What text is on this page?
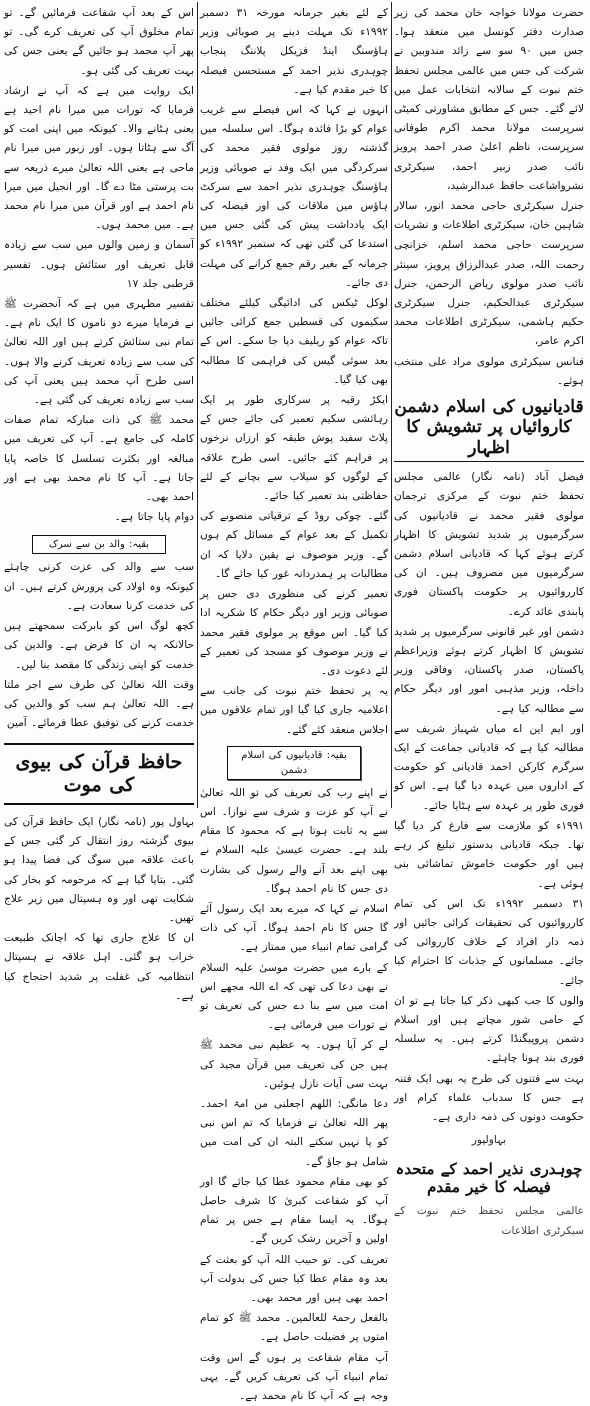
حضرت مولانا خواجہ خان محمد کی زیر صدارت دفتر کونسل میں منعقد ہوا۔ جس میں ۹۰ سو سے زائد مندوبین نے شرکت کی جس میں عالمی مجلس تحفظ ختم نبوت کے سالانہ انتخابات عمل میں لائے گئے۔ جس کے مطابق مشاورتی کمیٹی سرپرست مولانا محمد اکرم طوفانی سرپرست، ناظم اعلیٰ صدر احمد پرویز نائب صدر زبیر احمد، سیکرٹری نشرواشاعت حافظ عبدالرشید،

جنرل سیکرٹری حاجی محمد انور، سالار شاہین خان، سیکرٹری اطلاعات و نشریات

سرپرست حاجی محمد اسلم، خزانچی رحمت اللہ، صدر عبدالرزاق پرویز، سینئر نائب صدر مولوی ریاض الرحمن، جنرل سیکرٹری عبدالحکیم، جنرل سیکرٹری حکیم ہاشمی، سیکرٹری اطلاعات محمد اکرم عامر،

فنانس سیکرٹری مولوی مراد علی منتخب ہوئے۔

قادیانیوں کی اسلام دشمن کاروائیاں پر تشویش کا اظہار

فیصل آباد (نامہ نگار) عالمی مجلس تحفظ ختم نبوت کے مرکزی ترجمان مولوی فقیر محمد نے قادیانیوں کی سرگرمیوں پر شدید تشویش کا اظہار کرتے ہوئے کہا کہ قادیانی اسلام دشمن سرگرمیوں میں مصروف ہیں۔ ان کی کارروائیوں پر حکومت پاکستان فوری پابندی عائد کرے۔

دشمن اور غیر قانونی سرگرمیوں پر شدید تشویش کا اظہار کرتے ہوئے وزیراعظم پاکستان، صدر پاکستان، وفاقی وزیر داخلہ، وزیر مذہبی امور اور دیگر حکام سے مطالبہ کیا ہے۔

اور ایم این اے میاں شہباز شریف سے مطالبہ کیا ہے کہ قادیانی جماعت کے ایک سرگرم کارکن احمد قادیانی کو حکومت کے اداروں میں عہدہ دیا گیا ہے۔ اس کو فوری طور پر عہدہ سے ہٹایا جائے۔

۱۹۹۱ء کو ملازمت سے فارغ کر دیا گیا تھا۔ جبکہ قادیانی بدستور تبلیغ کر رہے ہیں اور حکومت خاموش تماشائی بنی ہوئی ہے۔

۳۱ دسمبر ۱۹۹۲ء تک اس کی تمام کارروائیوں کی تحقیقات کرائی جائیں اور ذمہ دار افراد کے خلاف کارروائی کی جائے۔ مسلمانوں کے جذبات کا احترام کیا جائے۔

والوں کا جب کبھی ذکر کیا جاتا ہے تو ان کے حامی شور مچاتے ہیں اور اسلام دشمن پروپیگنڈا کرتے ہیں۔ یہ سلسلہ فوری بند ہونا چاہئے۔

بہت سے فتنوں کی طرح یہ بھی ایک فتنہ ہے جس کا سدباب علماء کرام اور حکومت دونوں کی ذمہ داری ہے۔

بہاولپور
چوہدری نذیر احمد کے متحدہ فیصلہ کا خیر مقدم

عالمی مجلس تحفظ ختم نبوت کے سیکرٹری اطلاعات

کے لئے بغیر جرمانہ مورخہ ۳۱ دسمبر ۱۹۹۲ء تک مہلت دینے پر صوبائی وزیر ہاؤسنگ اینڈ فزیکل پلاننگ پنجاب چوہدری نذیر احمد کے مستحسن فیصلہ کا خیر مقدم کیا ہے۔

انہوں نے کہا کہ اس فیصلے سے غریب عوام کو بڑا فائدہ ہوگا۔ اس سلسلہ میں گذشتہ روز مولوی فقیر محمد کی سرکردگی میں ایک وفد نے صوبائی وزیر ہاؤسنگ چوہدری نذیر احمد سے سرکٹ ہاؤس میں ملاقات کی اور فیصلہ کی ایک یادداشت پیش کی گئی جس میں استدعا کی گئی تھی کہ ستمبر ۱۹۹۲ء کو جرمانہ کے بغیر رقم جمع کرانے کی مہلت دی جائے۔

لوکل ٹیکس کی ادائیگی کیلئے مختلف سکیموں کی قسطیں جمع کرائی جائیں تاکہ عوام کو ریلیف دیا جا سکے۔ اس کے بعد سوئی گیس کی فراہمی کا مطالبہ بھی کیا گیا۔

ایکڑ رقبہ پر سرکاری طور پر ایک رہائشی سکیم تعمیر کی جائے جس کے پلاٹ سفید پوش طبقہ کو ارزاں نرخوں پر فراہم کئے جائیں۔ اسی طرح علاقہ کے لوگوں کو سیلاب سے بچانے کے لئے حفاظتی بند تعمیر کیا جائے۔

گئے۔ چوکی روڈ کے ترقیاتی منصوبے کی تکمیل کے بعد عوام کے مسائل کم ہوں گے۔ وزیر موصوف نے یقین دلایا کہ ان مطالبات پر ہمدردانہ غور کیا جائے گا۔

تعمیر کرنے کی منظوری دی جس پر صوبائی وزیر اور دیگر حکام کا شکریہ ادا کیا گیا۔ اس موقع پر مولوی فقیر محمد نے وزیر موصوف کو مسجد کی تعمیر کے لئے دعوت دی۔

یہ پر تحفظ ختم نبوت کی جانب سے اعلامیہ جاری کیا گیا اور تمام علاقوں میں اجلاس منعقد کئے گئے۔

بقیہ: قادیانیوں کی اسلام دشمن

نے اپنے رب کی تعریف کی تو اللہ تعالیٰ نے آپ کو عزت و شرف سے نوازا۔ اس سے یہ ثابت ہوتا ہے کہ محمود کا مقام بلند ہے۔ حضرت عیسیٰ علیہ السلام نے بھی اپنے بعد آنے والے رسول کی بشارت دی جس کا نام احمد ہوگا۔

اسلام نے کہا کہ میرے بعد ایک رسول آئے گا جس کا نام احمد ہوگا۔ آپ کی ذات گرامی تمام انبیاء میں ممتاز ہے۔

کے بارے میں حضرت موسیٰ علیہ السلام نے بھی دعا کی تھی کہ اے اللہ مجھے اس امت میں سے بنا دے جس کی تعریف تو نے تورات میں فرمائی ہے۔

لے کر آیا ہوں۔ یہ عظیم نبی محمد ﷺ ہیں جن کی تعریف میں قرآن مجید کی بہت سی آیات نازل ہوئیں۔

دعا مانگی: اللھم اجعلنی من امۃ احمد۔ پھر اللہ تعالیٰ نے فرمایا کہ تم اس نبی کو پا نہیں سکتے البتہ ان کی امت میں شامل ہو جاؤ گے۔

کو بھی مقام محمود عطا کیا جائے گا اور آپ کو شفاعت کبریٰ کا شرف حاصل ہوگا۔ یہ ایسا مقام ہے جس پر تمام اولین و آخرین رشک کریں گے۔

تعریف کی۔ تو حبیب اللہ آپ کو بعثت کے بعد وہ مقام عطا کیا جس کی بدولت آپ احمد بھی ہیں اور محمد بھی۔

بالفعل رحمۃ للعالمین۔ محمد ﷺ کو تمام امتوں پر فضیلت حاصل ہے۔

آپ مقام شفاعت پر ہوں گے اس وقت تمام انبیاء آپ کی تعریف کریں گے۔ یہی وجہ ہے کہ آپ کا نام محمد ہے۔

اس کے بعد آپ شفاعت فرمائیں گے۔ تو تمام مخلوق آپ کی تعریف کرے گی۔ تو پھر آپ محمد ہو جائیں گے یعنی جس کی بہت تعریف کی گئی ہو۔

ایک روایت میں ہے کہ آپ نے ارشاد فرمایا کہ تورات میں میرا نام احید ہے یعنی ہٹانے والا۔ کیونکہ میں اپنی امت کو آگ سے ہٹاتا ہوں۔ اور زبور میں میرا نام ماحی ہے یعنی اللہ تعالیٰ میرے ذریعہ سے بت پرستی مٹا دے گا۔ اور انجیل میں میرا نام احمد ہے اور قرآن میں میرا نام محمد ہے۔ میں محمد ہوں۔

آسمان و زمین والوں میں سب سے زیادہ قابل تعریف اور ستائش ہوں۔ تفسیر قرطبی جلد ۱۷

تفسیر مظہری میں ہے کہ آنحضرت ﷺ نے فرمایا میرے دو ناموں کا ایک نام ہے۔ تمام نبی ستائش کرتے ہیں اور اللہ تعالیٰ کی سب سے زیادہ تعریف کرنے والا ہوں۔ اسی طرح آپ محمد ہیں یعنی آپ کی سب سے زیادہ تعریف کی گئی ہے۔

محمد ﷺ کی ذات مبارکہ تمام صفات کاملہ کی جامع ہے۔ آپ کی تعریف میں مبالغہ اور بکثرت تسلسل کا خاصہ پایا جاتا ہے۔ آپ کا نام محمد بھی ہے اور احمد بھی۔

دوام پایا جاتا ہے۔

بقیہ: والد بن سے سرک

سب سے والد کی عزت کرنی چاہئے کیونکہ وہ اولاد کی پرورش کرتے ہیں۔ ان کی خدمت کرنا سعادت ہے۔

کچھ لوگ اس کو بابرکت سمجھتے ہیں حالانکہ یہ ان کا فرض ہے۔ والدین کی خدمت کو اپنی زندگی کا مقصد بنا لیں۔

وقت اللہ تعالیٰ کی طرف سے اجر ملتا ہے۔ اللہ تعالیٰ ہم سب کو والدین کی خدمت کرنے کی توفیق عطا فرمائے۔ آمین

حافظ قرآن کی بیوی کی موت

بہاول پور (نامہ نگار) ایک حافظ قرآن کی بیوی گزشتہ روز انتقال کر گئی جس کے باعث علاقہ میں سوگ کی فضا پیدا ہو گئی۔ بتایا گیا ہے کہ مرحومہ کو بخار کی شکایت تھی اور وہ ہسپتال میں زیر علاج تھیں۔

ان کا علاج جاری تھا کہ اچانک طبیعت خراب ہو گئی۔ اہل علاقہ نے ہسپتال انتظامیہ کی غفلت پر شدید احتجاج کیا ہے۔
